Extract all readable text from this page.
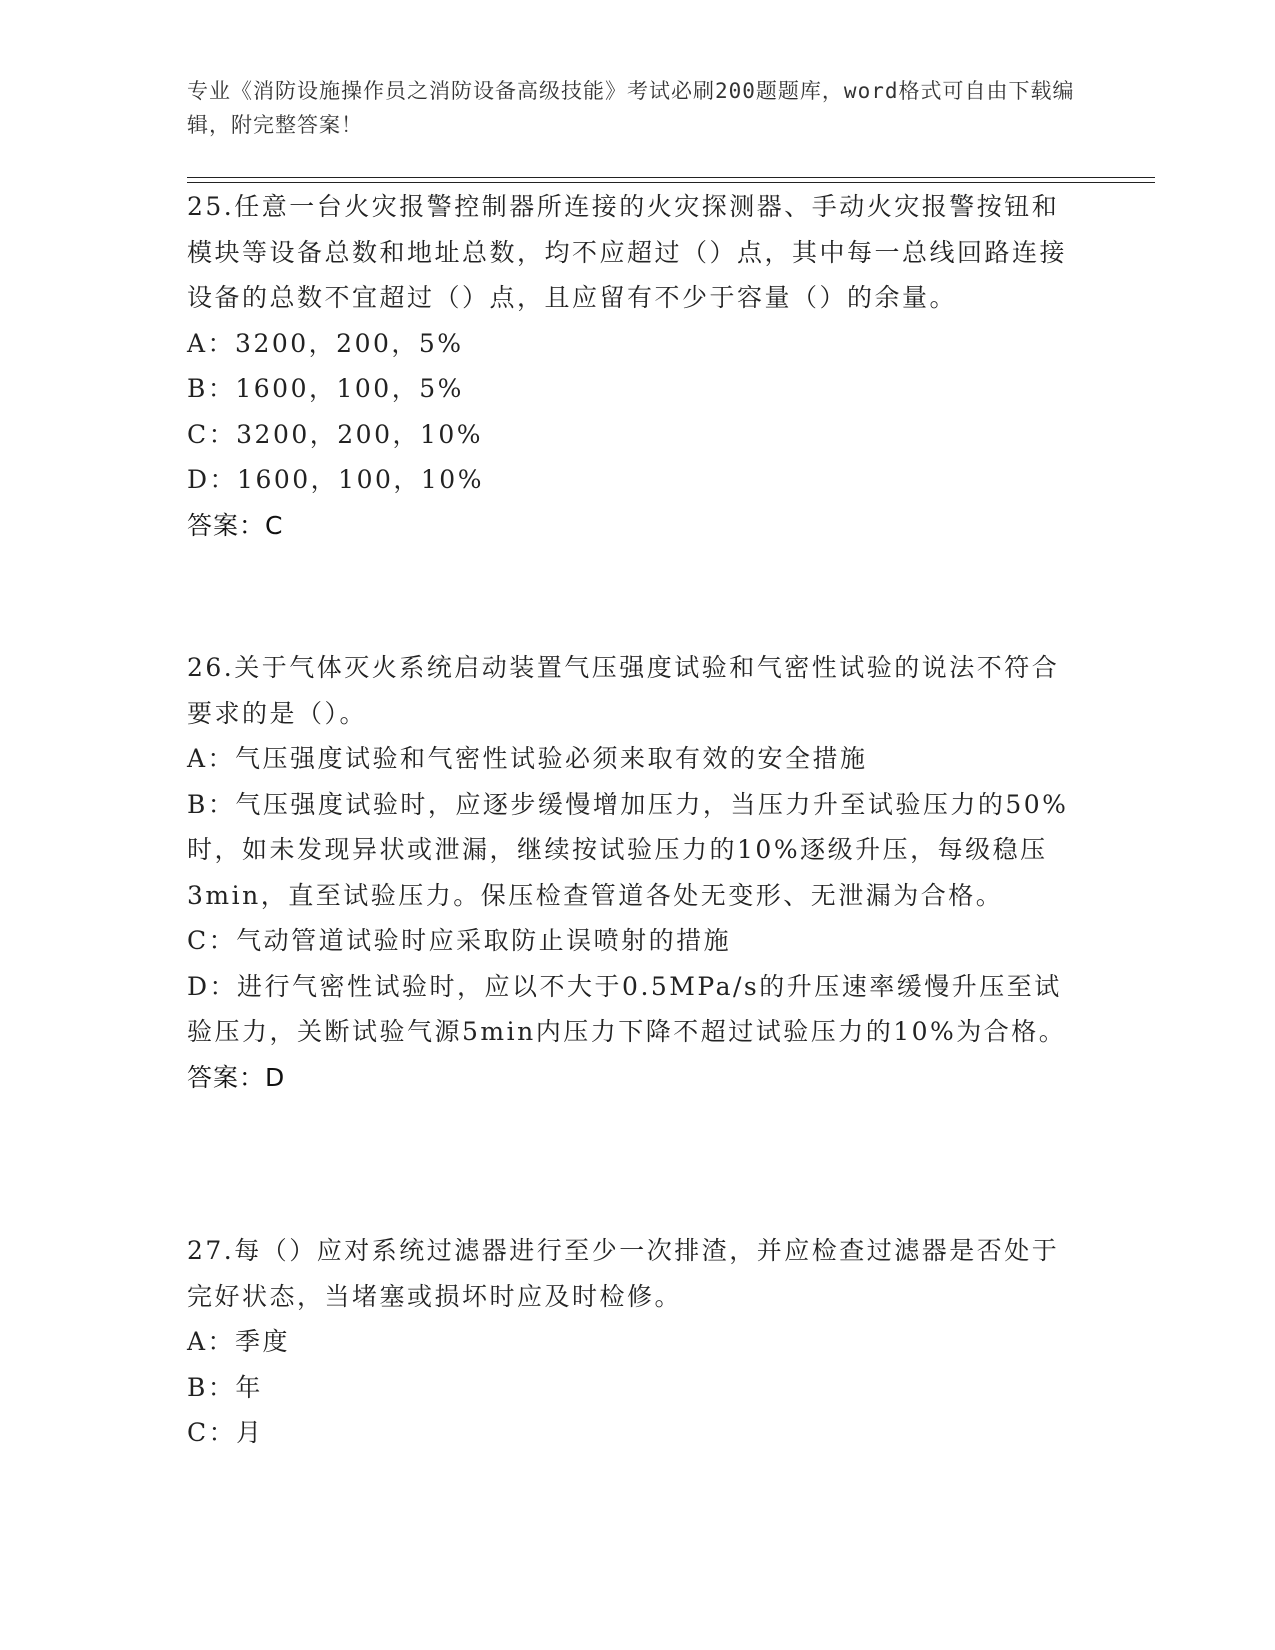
专业《消防设施操作员之消防设备高级技能》考试必刷200题题库，word格式可自由下载编辑，附完整答案！

25.任意一台火灾报警控制器所连接的火灾探测器、手动火灾报警按钮和模块等设备总数和地址总数，均不应超过（）点，其中每一总线回路连接设备的总数不宜超过（）点，且应留有不少于容量（）的余量。

A：3200，200，5%

B：1600，100，5%

C：3200，200，10%

D：1600，100，10%

答案：C

26.关于气体灭火系统启动装置气压强度试验和气密性试验的说法不符合要求的是（）。

A：气压强度试验和气密性试验必须来取有效的安全措施

B：气压强度试验时，应逐步缓慢增加压力，当压力升至试验压力的50%时，如未发现异状或泄漏，继续按试验压力的10%逐级升压，每级稳压3min，直至试验压力。保压检查管道各处无变形、无泄漏为合格。

C：气动管道试验时应采取防止误喷射的措施

D：进行气密性试验时，应以不大于0.5MPa/s的升压速率缓慢升压至试验压力，关断试验气源5min内压力下降不超过试验压力的10%为合格。

答案：D

27.每（）应对系统过滤器进行至少一次排渣，并应检查过滤器是否处于完好状态，当堵塞或损坏时应及时检修。

A：季度

B：年

C：月
